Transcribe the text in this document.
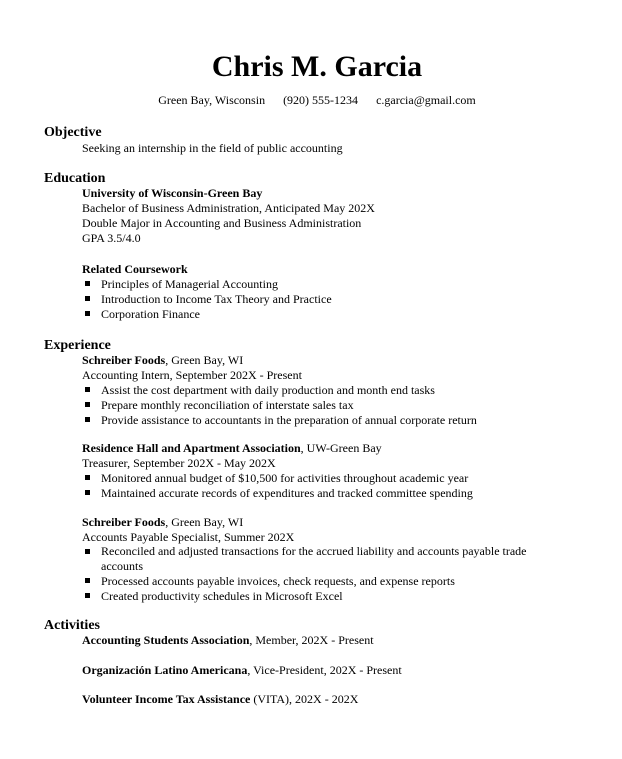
Chris M. Garcia
Green Bay, Wisconsin (920) 555-1234 c.garcia@gmail.com
Objective
Seeking an internship in the field of public accounting
Education
University of Wisconsin-Green Bay
Bachelor of Business Administration, Anticipated May 202X
Double Major in Accounting and Business Administration
GPA 3.5/4.0
Related Coursework
Principles of Managerial Accounting
Introduction to Income Tax Theory and Practice
Corporation Finance
Experience
Schreiber Foods, Green Bay, WI
Accounting Intern, September 202X - Present
Assist the cost department with daily production and month end tasks
Prepare monthly reconciliation of interstate sales tax
Provide assistance to accountants in the preparation of annual corporate return
Residence Hall and Apartment Association, UW-Green Bay
Treasurer, September 202X - May 202X
Monitored annual budget of $10,500 for activities throughout academic year
Maintained accurate records of expenditures and tracked committee spending
Schreiber Foods, Green Bay, WI
Accounts Payable Specialist, Summer 202X
Reconciled and adjusted transactions for the accrued liability and accounts payable trade accounts
Processed accounts payable invoices, check requests, and expense reports
Created productivity schedules in Microsoft Excel
Activities
Accounting Students Association, Member, 202X - Present
Organización Latino Americana, Vice-President, 202X - Present
Volunteer Income Tax Assistance (VITA), 202X - 202X
